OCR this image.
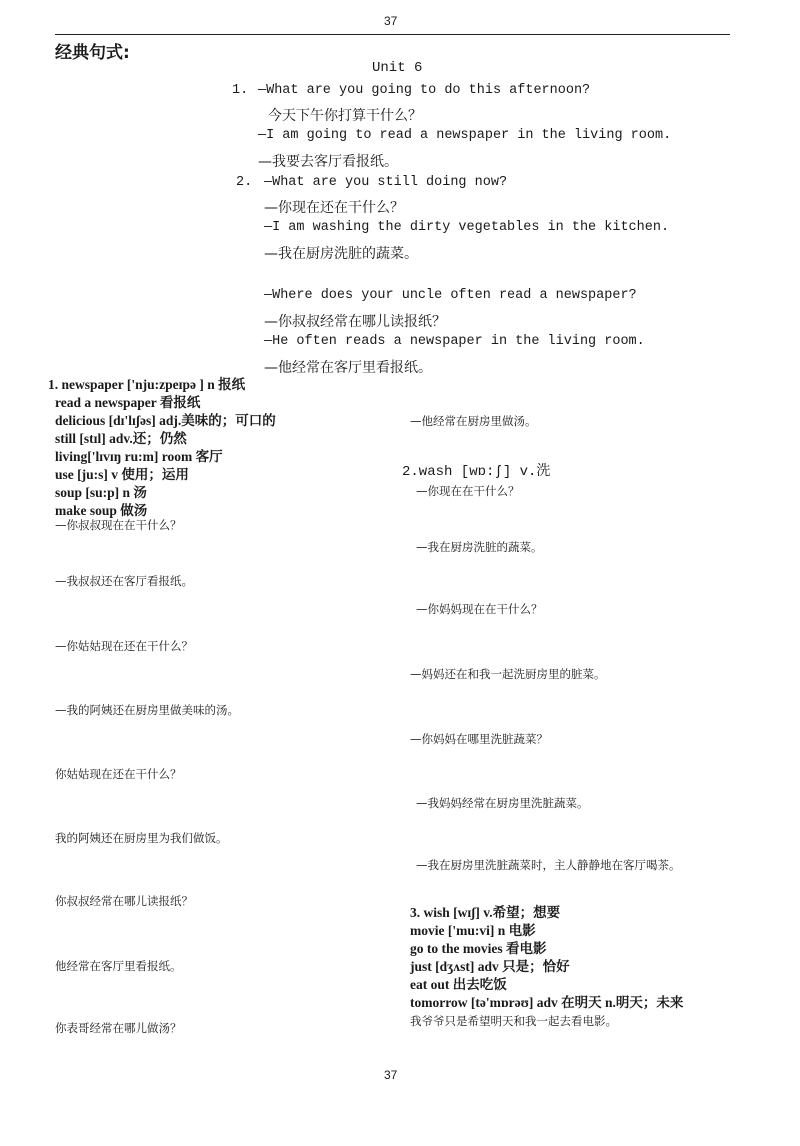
37
经典句式:
Unit 6
1. —What are you going to do this afternoon?
今天下午你打算干什么？
—I am going to read a newspaper in the living room.
—我要去客厅看报纸。
2. —What are you still doing now?
—你现在还在干什么？
—I am washing the dirty vegetables in the kitchen.
—我在厨房洗脏的蔬菜。
—Where does your uncle often read a newspaper?
—你叔叔经常在哪儿读报纸？
—He often reads a newspaper in the living room.
—他经常在客厅里看报纸。
1. newspaper ['nju:zpeɪpə ] n 报纸
read a newspaper 看报纸
delicious [dɪ'lɪʃəs] adj.美味的；可口的
still [stɪl] adv.还；仍然
living['lɪvɪŋ ru:m] room 客厅
use [ju:s] v 使用；运用
soup [su:p] n 汤
make soup 做汤
—你叔叔现在在干什么？
—我叔叔还在客厅看报纸。
—你姑姑现在还在干什么？
—我的阿姨还在厨房里做美味的汤。
你姑姑现在还在干什么？
我的阿姨还在厨房里为我们做饭。
你叔叔经常在哪儿读报纸？
他经常在客厅里看报纸。
你表哥经常在哪儿做汤？
—他经常在厨房里做汤。
2.wash [wɒ:ʃ] v.洗
—你现在在干什么？
—我在厨房洗脏的蔬菜。
—你妈妈现在在干什么？
—妈妈还在和我一起洗厨房里的脏菜。
—你妈妈在哪里洗脏蔬菜？
—我妈妈经常在厨房里洗脏蔬菜。
—我在厨房里洗脏蔬菜时，主人静静地在客厅喝茶。
3. wish [wɪʃ] v.希望；想要
movie ['mu:vi] n 电影
go to the movies 看电影
just [dʒʌst] adv 只是；恰好
eat out 出去吃饭
tomorrow [tə'mɒrəʊ] adv 在明天 n.明天；未来
我爷爷只是希望明天和我一起去看电影。
37
